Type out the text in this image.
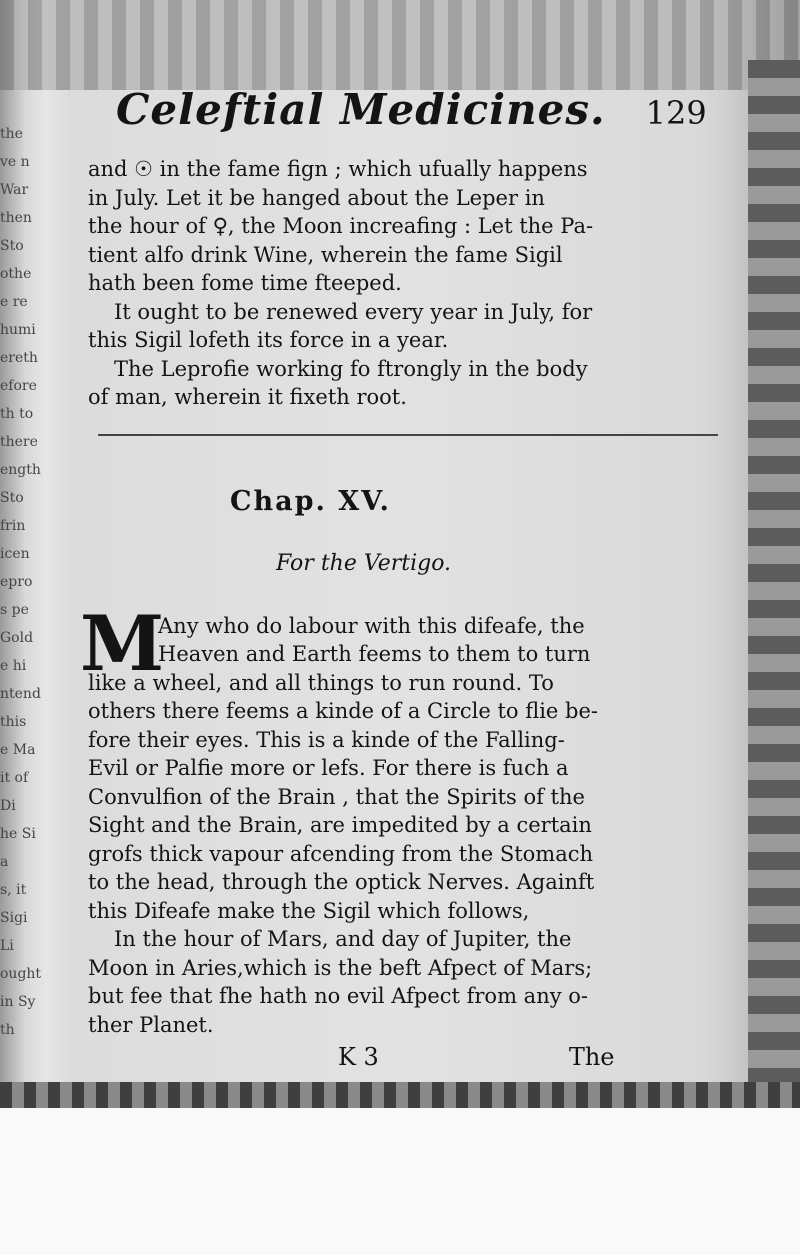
the
ve n
War
then
Sto
othe
e re
humi
ereth
efore
th to
there
ength
Sto
frin
icen
epro
s pe
Gold
e hi
ntend
this
e Ma
it of
Di
he Si
a
s, it
Sigi
Li
ought
in Sy
th
Celeftial Medicines. 129
and ☉ in the fame fign ; which ufually happens
in July. Let it be hanged about the Leper in
the hour of ♀, the Moon increafing : Let the Pa-
tient alfo drink Wine, wherein the fame Sigil
hath been fome time fteeped.
It ought to be renewed every year in July, for
this Sigil lofeth its force in a year.
The Leprofie working fo ftrongly in the body
of man, wherein it fixeth root.
Chap. XV.
For the Vertigo.
M
Any who do labour with this difeafe, the
Heaven and Earth feems to them to turn
like a wheel, and all things to run round. To
others there feems a kinde of a Circle to flie be-
fore their eyes. This is a kinde of the Falling-
Evil or Palfie more or lefs. For there is fuch a
Convulfion of the Brain , that the Spirits of the
Sight and the Brain, are impedited by a certain
grofs thick vapour afcending from the Stomach
to the head, through the optick Nerves. Againft
this Difeafe make the Sigil which follows,
In the hour of Mars, and day of Jupiter, the
Moon in Aries,which is the beft Afpect of Mars;
but fee that fhe hath no evil Afpect from any o-
ther Planet.
K 3	The
